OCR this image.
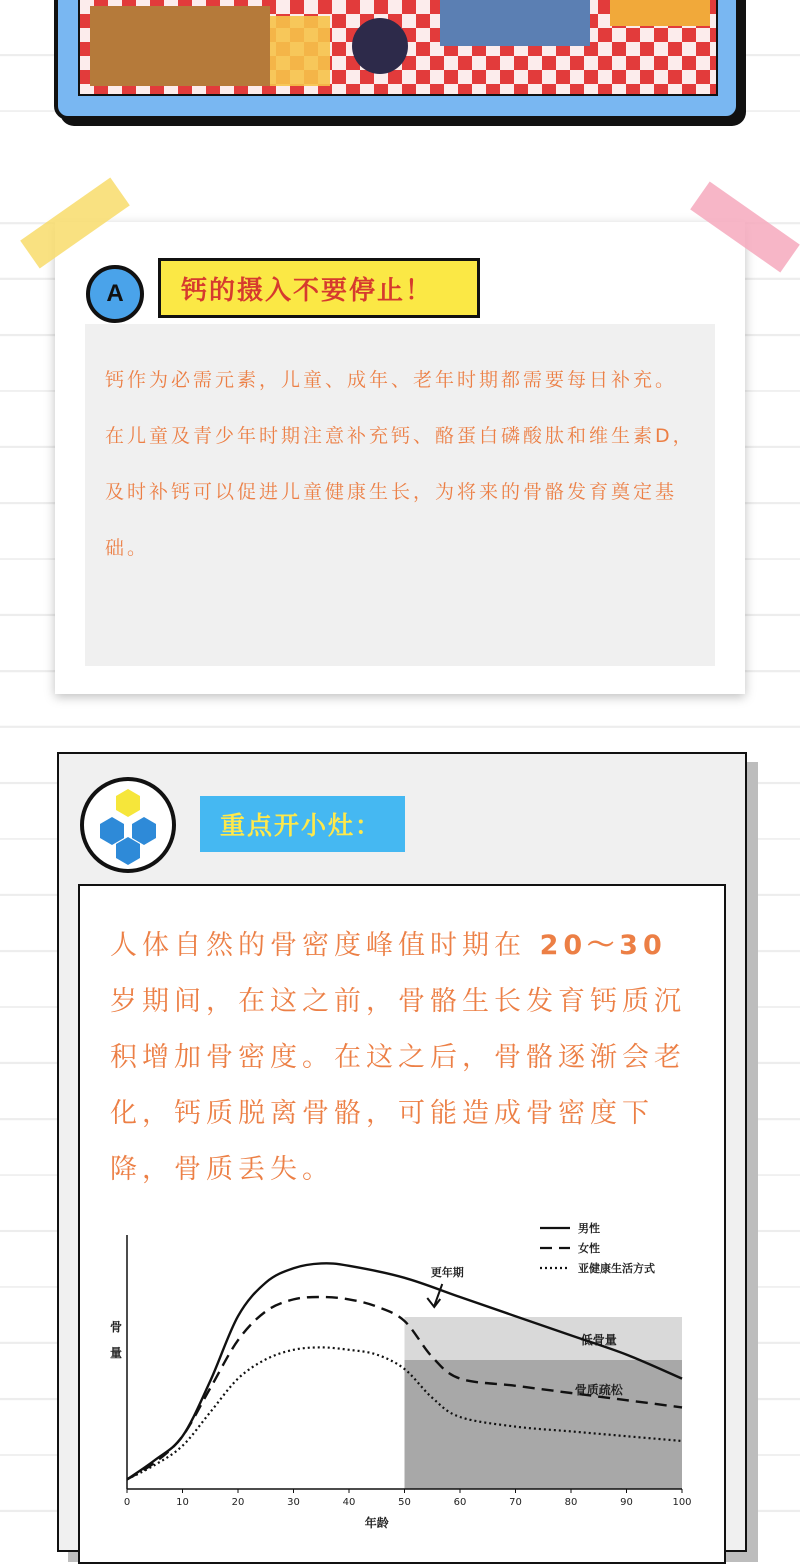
A	钙的摄入不要停止！

钙作为必需元素，儿童、成年、老年时期都需要每日补充。

在儿童及青少年时期注意补充钙、酪蛋白磷酸肽和维生素D，及时补钙可以促进儿童健康生长，为将来的骨骼发育奠定基础。

重点开小灶：
人体自然的骨密度峰值时期在 20～30 岁期间，在这之前，骨骼生长发育钙质沉积增加骨密度。在这之后，骨骼逐渐会老化，钙质脱离骨骼，可能造成骨密度下降，骨质丢失。
低骨量
骨质疏松
骨
量
年龄
0	10	20	30	40	50	60	70	80	90	100
更年期
男性
女性
亚健康生活方式
